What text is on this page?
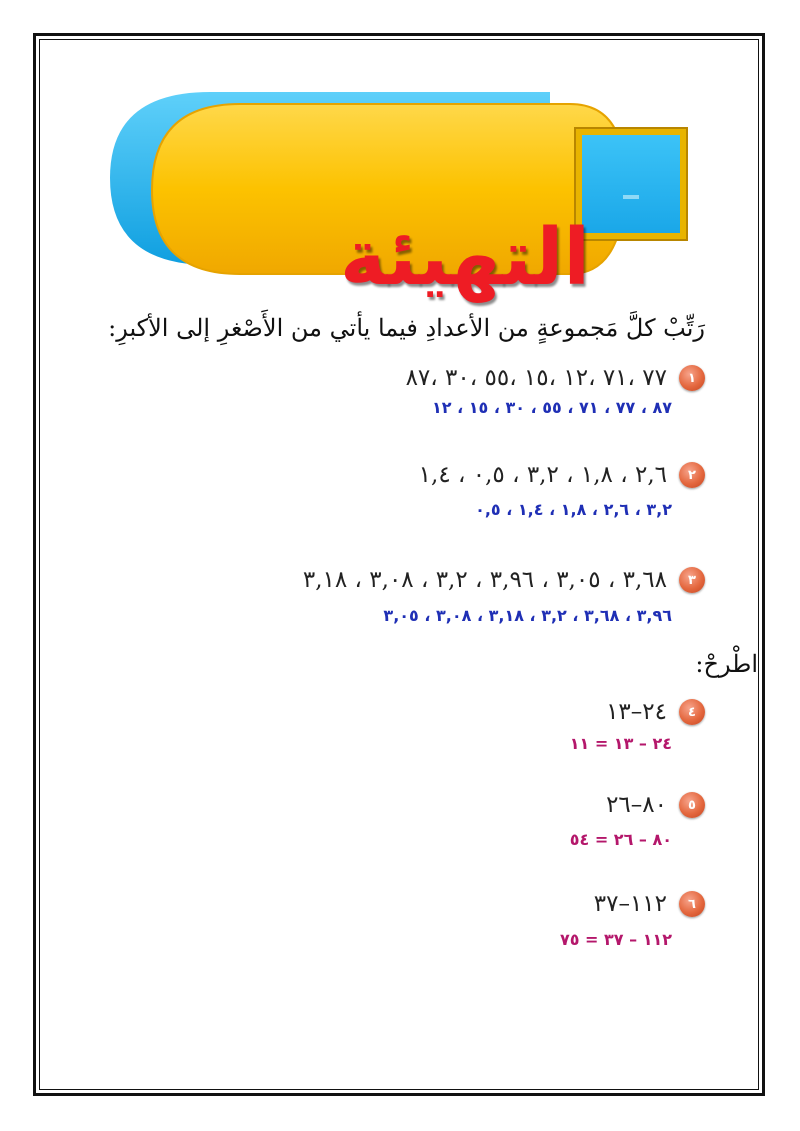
التهيئة
رَتِّبْ كلَّ مَجموعةٍ من الأعدادِ فيما يأتي من الأَصْغرِ إلى الأكبرِ:
١
٧٧ ،٧١ ،١٢ ،١٥ ،٥٥ ،٣٠ ،٨٧
٨٧ ، ٧٧ ، ٧١ ، ٥٥ ، ٣٠ ، ١٥ ، ١٢
٢
٢,٦ ، ١,٨ ، ٣,٢ ، ٠,٥ ، ١,٤
٣,٢ ، ٢,٦ ، ١,٨ ، ١,٤ ، ٠,٥
٣
٣,٦٨ ، ٣,٠٥ ، ٣,٩٦ ، ٣,٢ ، ٣,٠٨ ، ٣,١٨
٣,٩٦ ، ٣,٦٨ ، ٣,٢ ، ٣,١٨ ، ٣,٠٨ ، ٣,٠٥
اطْرحْ:
٤
٢٤–١٣
٢٤ – ١٣ = ١١
٥
٨٠–٢٦
٨٠ – ٢٦ = ٥٤
٦
١١٢–٣٧
١١٢ – ٣٧ = ٧٥
